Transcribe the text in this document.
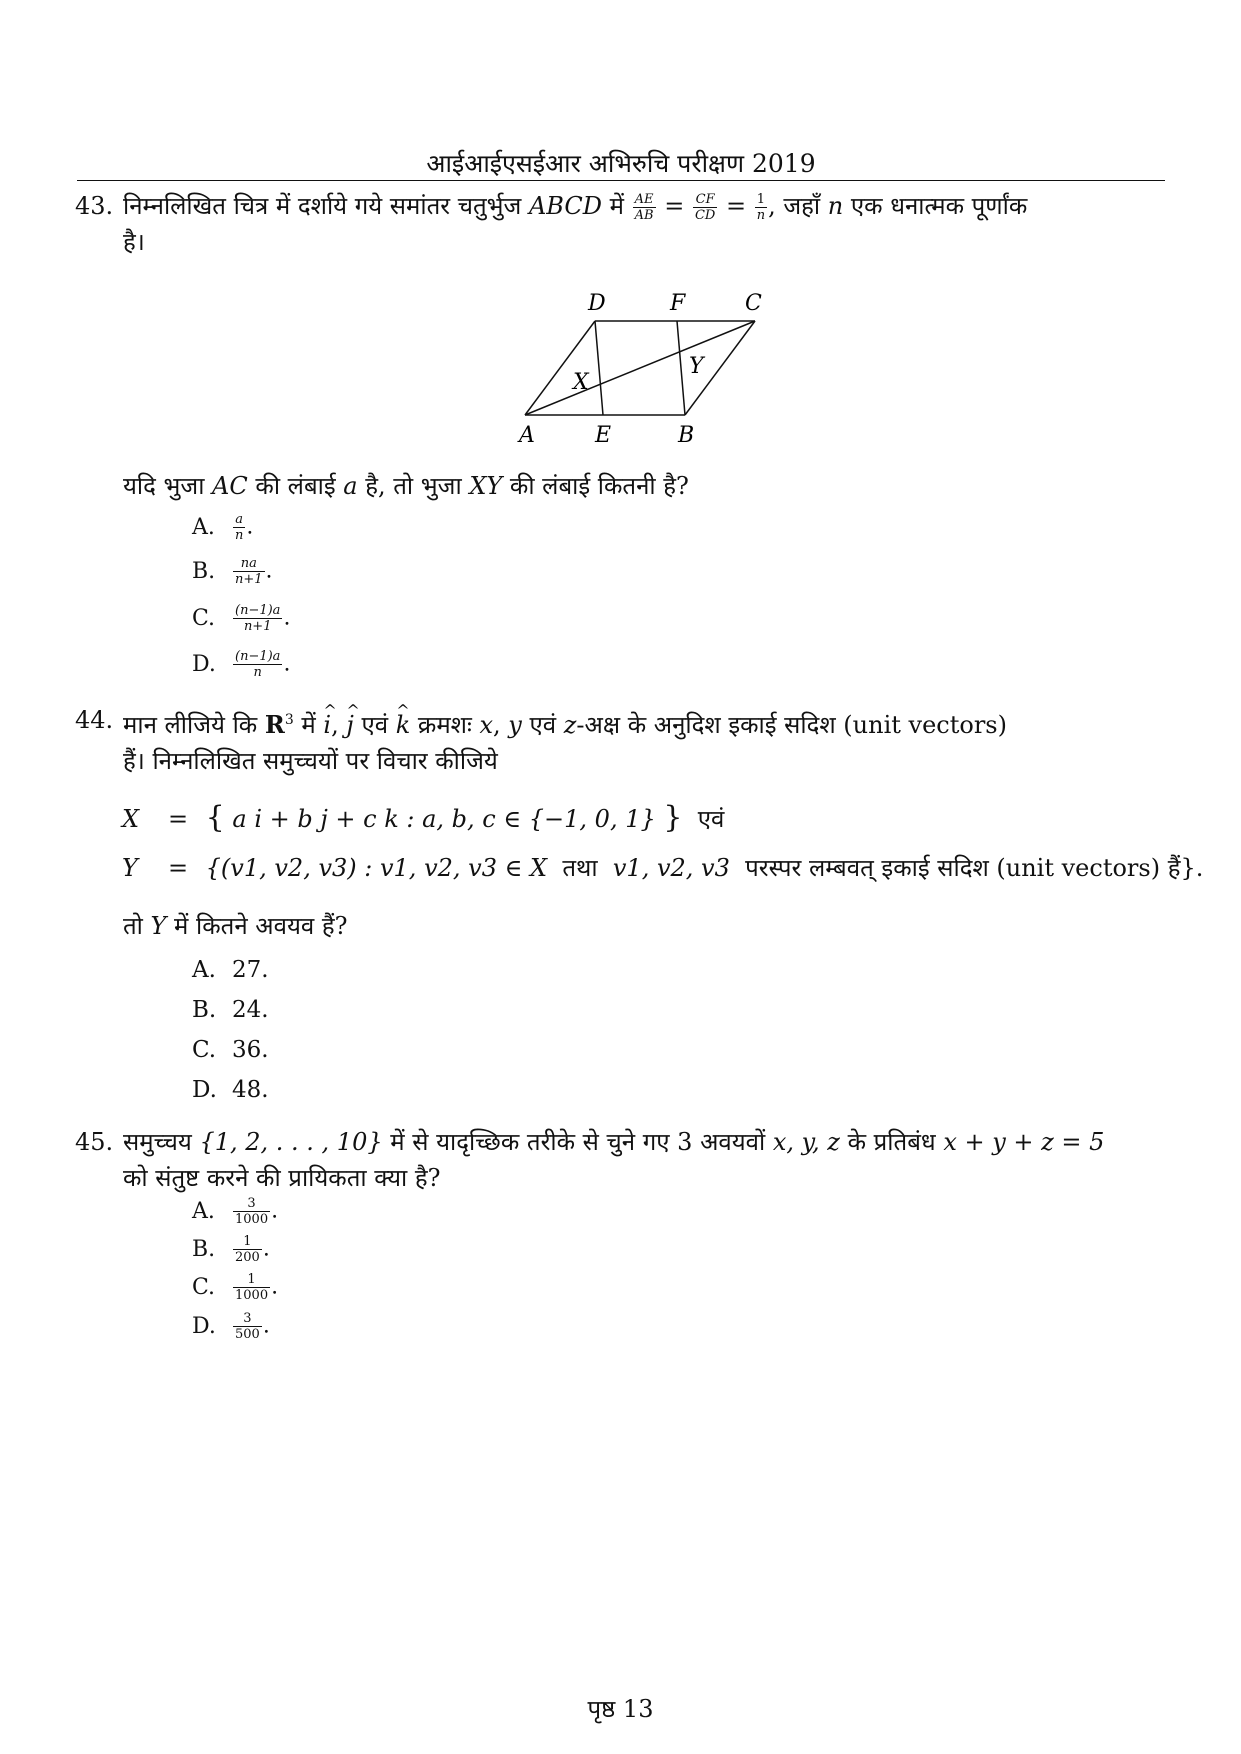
आईआईएसईआर अभिरुचि परीक्षण 2019
43. निम्नलिखित चित्र में दर्शाये गये समांतर चतुर्भुज ABCD में $\frac{AE}{AB} = \frac{CF}{CD} = \frac{1}{n}$ , जहाँ n एक धनात्मक पूर्णांक
है।
D	F	C
X
Y
A	E	B
यदि भुजा AC की लंबाई a है, तो भुजा XY की लंबाई कितनी है?
A. $\frac{a}{n}$ .
B. $\frac{na}{n+1}$ .
C. $\frac{(n-1)a}{n+1}$ .
D. $\frac{(n-1)a}{n}$ .
44. मान लीजिये कि $R^3$ में ^ i, ^ j एवं ^ k क्रमशः x, y एवं z-अक्ष के अनुदिश इकाई सदिश (unit vectors)
हैं। निम्नलिखित समुच्चयों पर विचार कीजिये
X = { a i + b j + c k : a, b, c ∈ {−1, 0, 1} } एवं
Y = {(v1, v2, v3) : v1, v2, v3 ∈ X तथा v1, v2, v3 परस्पर लम्बवत् इकाई सदिश (unit vectors) हैं}.
तो Y में कितने अवयव हैं?
A. 27.
B. 24.
C. 36.
D. 48.
45. समुच्चय {1, 2, . . . , 10} में से यादृच्छिक तरीके से चुने गए 3 अवयवों x, y, z के प्रतिबंध x + y + z = 5
को संतुष्ट करने की प्रायिकता क्या है?
A. $\frac{3}{1000}$ .
B. $\frac{1}{200}$ .
C. $\frac{1}{1000}$ .
D. $\frac{3}{500}$ .
पृष्ठ 13
